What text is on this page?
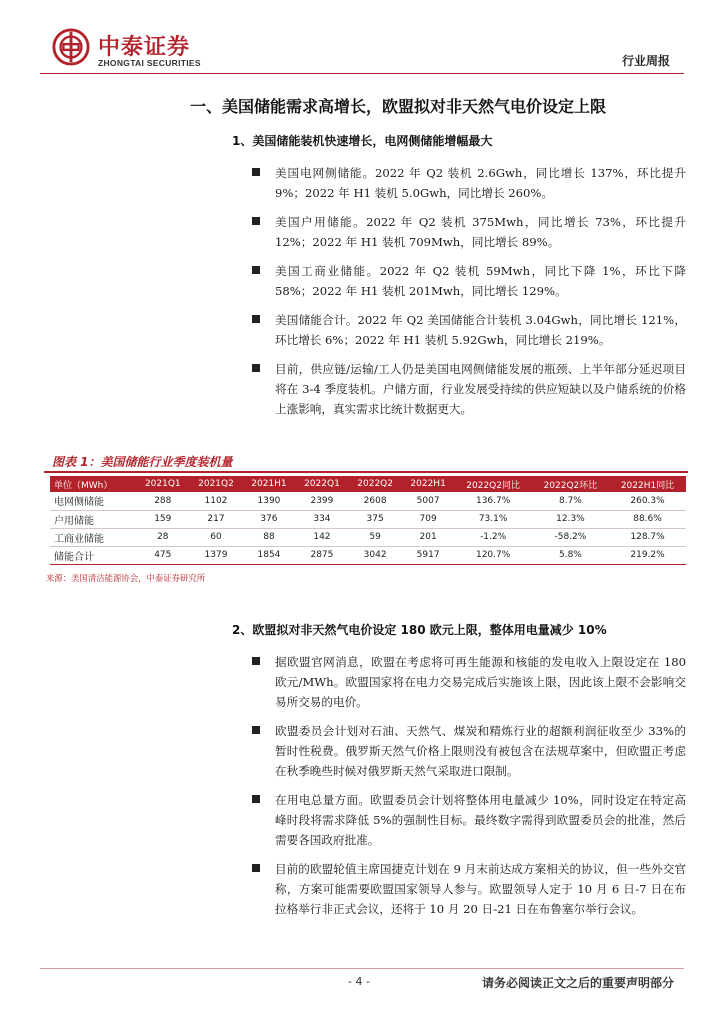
中泰证券
ZHONGTAI SECURITIES	行业周报
一、美国储能需求高增长，欧盟拟对非天然气电价设定上限
1、美国储能装机快速增长，电网侧储能增幅最大
美国电网侧储能。2022 年 Q2 装机 2.6Gwh，同比增长 137%，环比提升 9%；2022 年 H1 装机 5.0Gwh，同比增长 260%。
美国户用储能。2022 年 Q2 装机 375Mwh，同比增长 73%，环比提升 12%；2022 年 H1 装机 709Mwh，同比增长 89%。
美国工商业储能。2022 年 Q2 装机 59Mwh，同比下降 1%，环比下降 58%；2022 年 H1 装机 201Mwh，同比增长 129%。
美国储能合计。2022 年 Q2 美国储能合计装机 3.04Gwh，同比增长 121%，环比增长 6%；2022 年 H1 装机 5.92Gwh，同比增长 219%。
目前，供应链/运输/工人仍是美国电网侧储能发展的瓶颈、上半年部分延迟项目将在 3-4 季度装机。户储方面，行业发展受持续的供应短缺以及户储系统的价格上涨影响，真实需求比统计数据更大。
图表 1：美国储能行业季度装机量
单位（MWh）	2021Q1	2021Q2	2021H1	2022Q1	2022Q2	2022H1	2022Q2同比	2022Q2环比	2022H1同比
电网侧储能	288	1102	1390	2399	2608	5007	136.7%	8.7%	260.3%
户用储能	159	217	376	334	375	709	73.1%	12.3%	88.6%
工商业储能	28	60	88	142	59	201	-1.2%	-58.2%	128.7%
储能合计	475	1379	1854	2875	3042	5917	120.7%	5.8%	219.2%
来源：美国清洁能源协会，中泰证券研究所
2、欧盟拟对非天然气电价设定 180 欧元上限，整体用电量减少 10%
据欧盟官网消息，欧盟在考虑将可再生能源和核能的发电收入上限设定在 180 欧元/MWh。欧盟国家将在电力交易完成后实施该上限，因此该上限不会影响交易所交易的电价。
欧盟委员会计划对石油、天然气、煤炭和精炼行业的超额利润征收至少 33%的暂时性税费。俄罗斯天然气价格上限则没有被包含在法规草案中，但欧盟正考虑在秋季晚些时候对俄罗斯天然气采取进口限制。
在用电总量方面。欧盟委员会计划将整体用电量减少 10%，同时设定在特定高峰时段将需求降低 5%的强制性目标。最终数字需得到欧盟委员会的批准，然后需要各国政府批准。
目前的欧盟轮值主席国捷克计划在 9 月末前达成方案相关的协议，但一些外交官称，方案可能需要欧盟国家领导人参与。欧盟领导人定于 10 月 6 日-7 日在布拉格举行非正式会议，还将于 10 月 20 日-21 日在布鲁塞尔举行会议。
- 4 -	请务必阅读正文之后的重要声明部分
